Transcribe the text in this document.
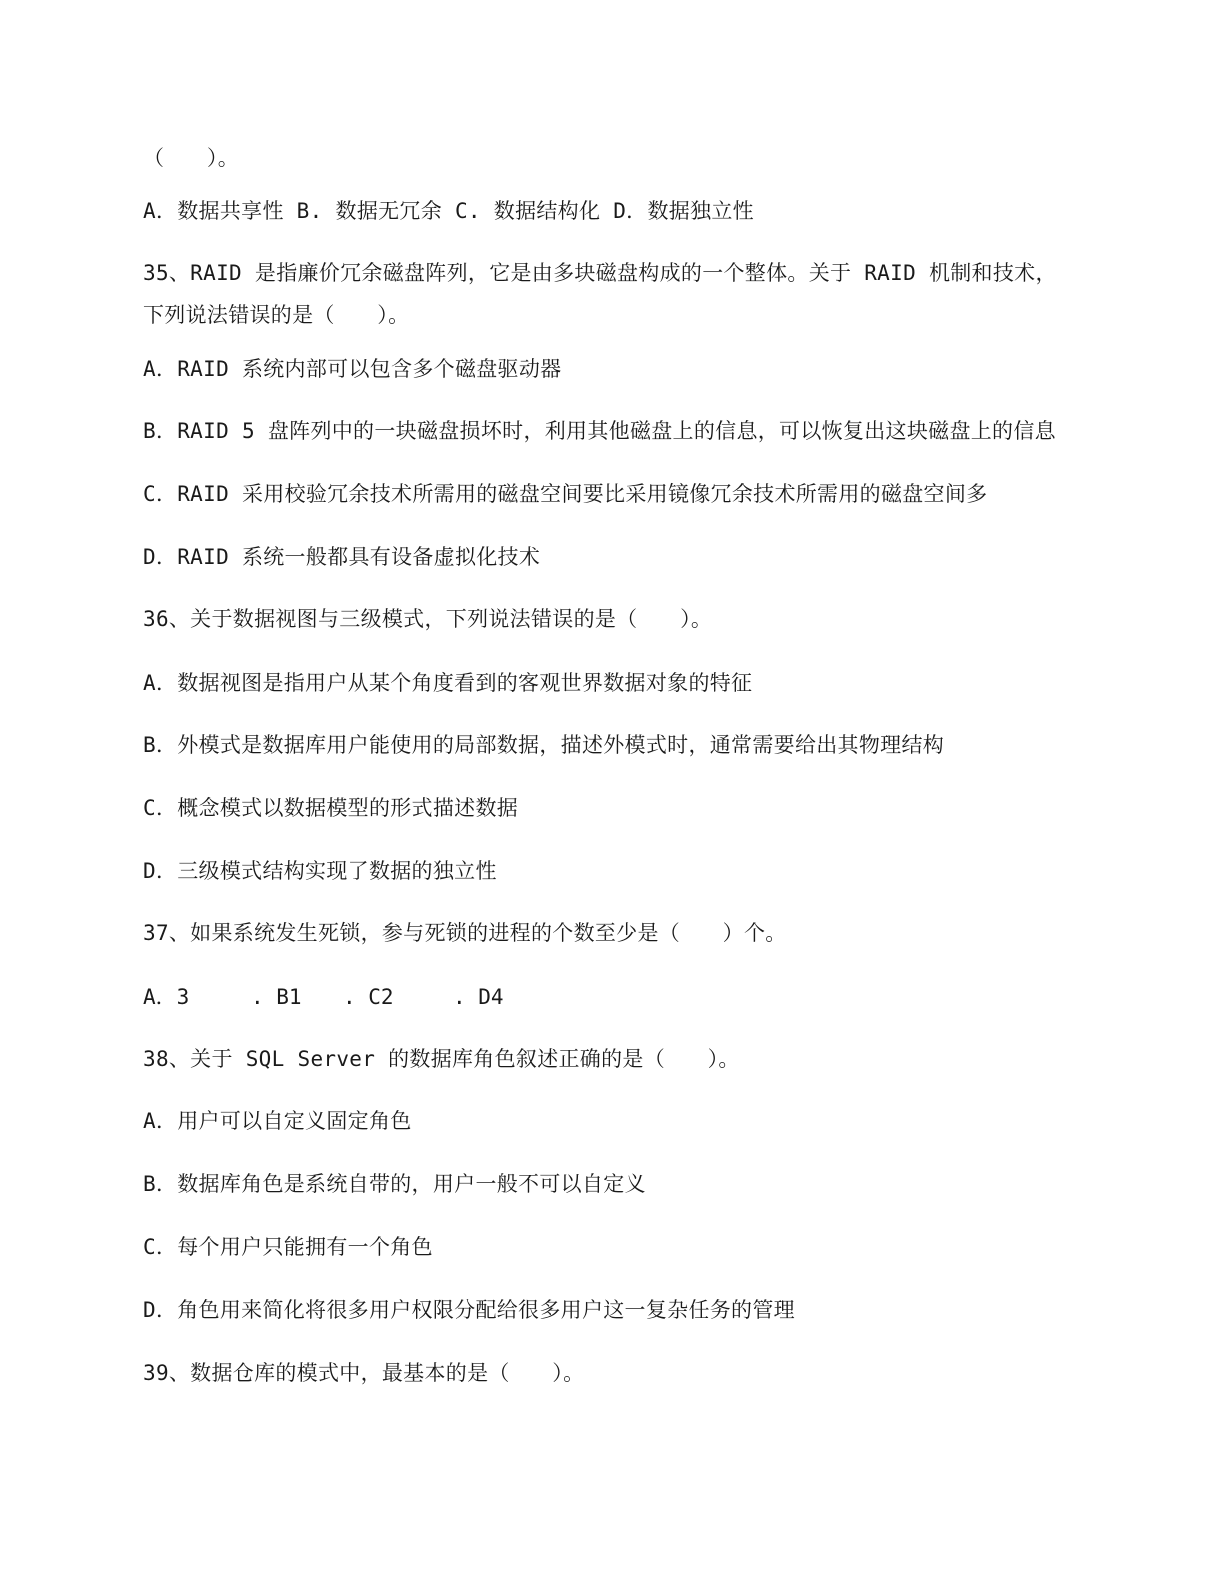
（　　）。
A．数据共享性 B. 数据无冗余 C. 数据结构化 D．数据独立性
35、RAID 是指廉价冗余磁盘阵列，它是由多块磁盘构成的一个整体。关于 RAID 机制和技术，
下列说法错误的是（　　）。
A．RAID 系统内部可以包含多个磁盘驱动器
B．RAID 5 盘阵列中的一块磁盘损坏时，利用其他磁盘上的信息，可以恢复出这块磁盘上的信息
C．RAID 采用校验冗余技术所需用的磁盘空间要比采用镜像冗余技术所需用的磁盘空间多
D．RAID 系统一般都具有设备虚拟化技术
36、关于数据视图与三级模式，下列说法错误的是（　　）。
A．数据视图是指用户从某个角度看到的客观世界数据对象的特征
B．外模式是数据库用户能使用的局部数据，描述外模式时，通常需要给出其物理结构
C．概念模式以数据模型的形式描述数据
D．三级模式结构实现了数据的独立性
37、如果系统发生死锁，参与死锁的进程的个数至少是（　　）个。

A．3

	. B1

. C2

	. D4

38、关于 SQL Server 的数据库角色叙述正确的是（　　）。
A．用户可以自定义固定角色
B．数据库角色是系统自带的，用户一般不可以自定义
C．每个用户只能拥有一个角色
D．角色用来简化将很多用户权限分配给很多用户这一复杂任务的管理
39、数据仓库的模式中，最基本的是（　　）。
